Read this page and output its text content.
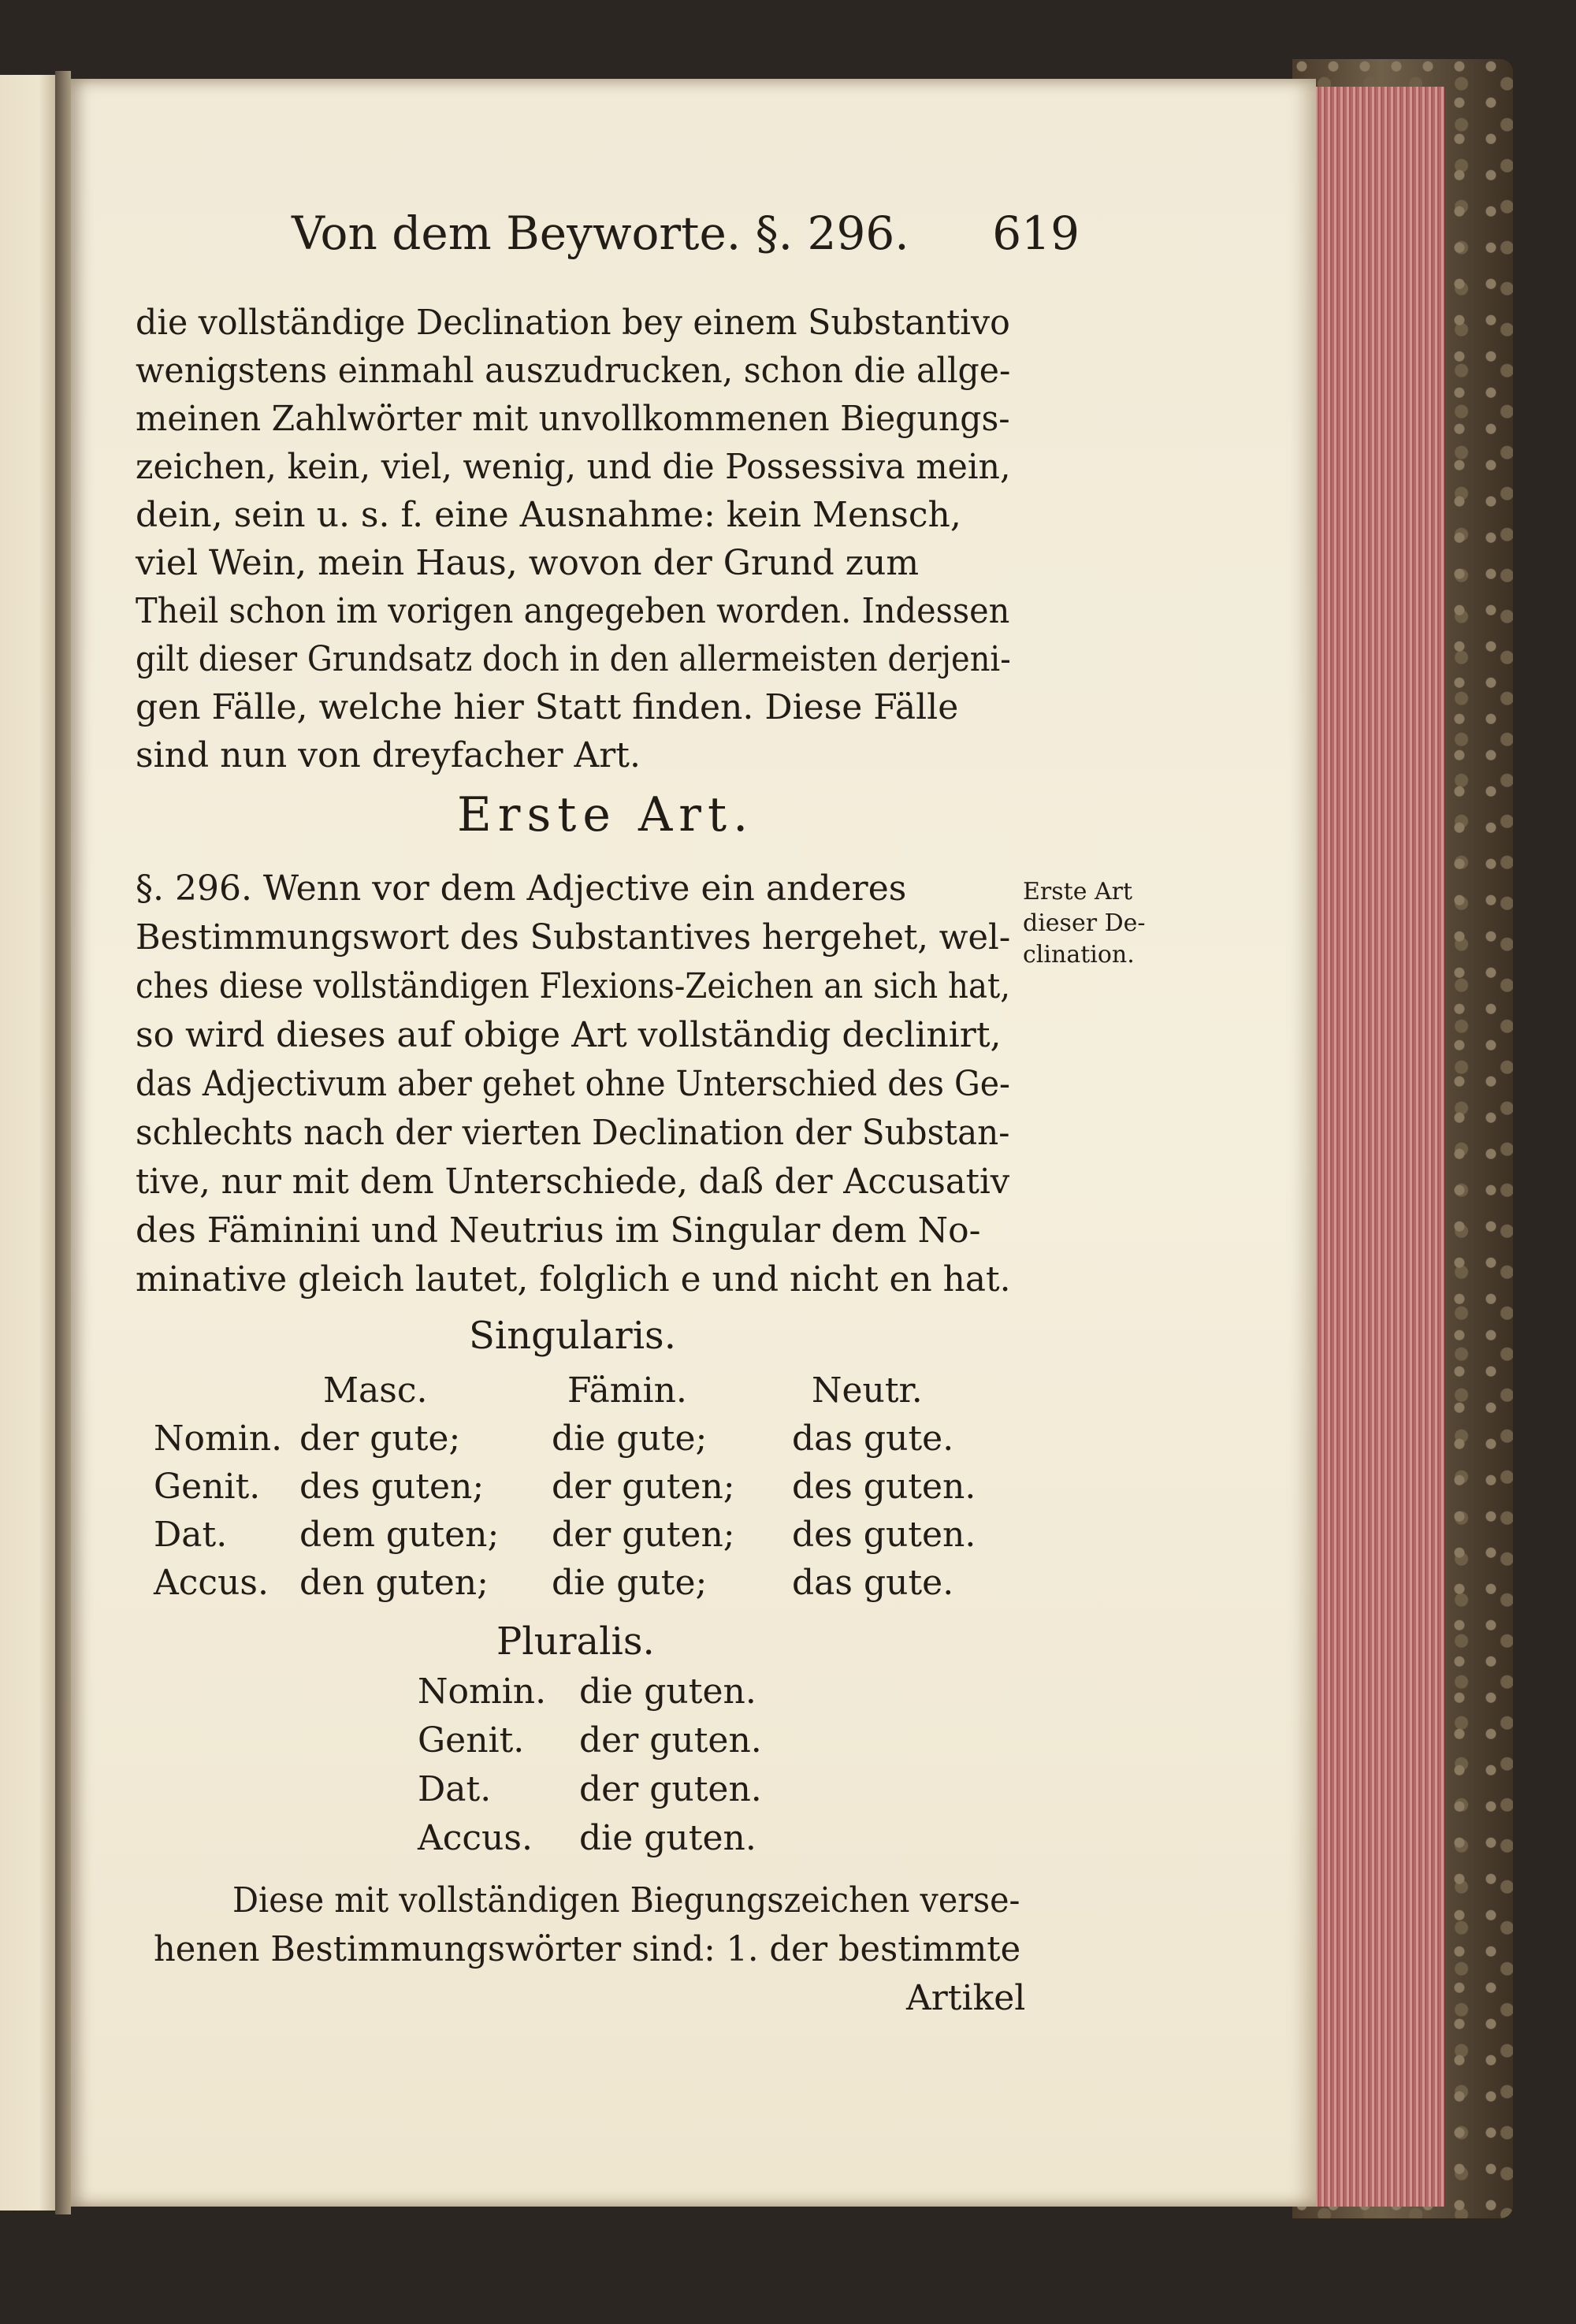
Von dem Beyworte. §. 296. 619
die vollständige Declination bey einem Substantivo
wenigstens einmahl auszudrucken, schon die allge-
meinen Zahlwörter mit unvollkommenen Biegungs-
zeichen, kein, viel, wenig, und die Possessiva mein,
dein, sein u. s. f. eine Ausnahme: kein Mensch,
viel Wein, mein Haus, wovon der Grund zum
Theil schon im vorigen angegeben worden. Indessen
gilt dieser Grundsatz doch in den allermeisten derjeni-
gen Fälle, welche hier Statt finden. Diese Fälle
sind nun von dreyfacher Art.
Erste Art.
§. 296. Wenn vor dem Adjective ein anderes
Bestimmungswort des Substantives hergehet, wel-
ches diese vollständigen Flexions-Zeichen an sich hat,
so wird dieses auf obige Art vollständig declinirt,
das Adjectivum aber gehet ohne Unterschied des Ge-
schlechts nach der vierten Declination der Substan-
tive, nur mit dem Unterschiede, daß der Accusativ
des Fäminini und Neutrius im Singular dem No-
minative gleich lautet, folglich e und nicht en hat.
Erste Art
dieser De-
clination.
Singularis.
Masc.	Fämin.	Neutr.
Nomin. der gute;	die gute; das gute.
Genit. des guten; der guten; des guten.
Dat. dem guten; der guten; des guten.
Accus. den guten; die gute; das gute.
Pluralis.
Nomin. die guten.
Genit. der guten.
Dat.	der guten.
Accus. die guten.
Diese mit vollständigen Biegungszeichen verse-
henen Bestimmungswörter sind: 1. der bestimmte
Artikel
